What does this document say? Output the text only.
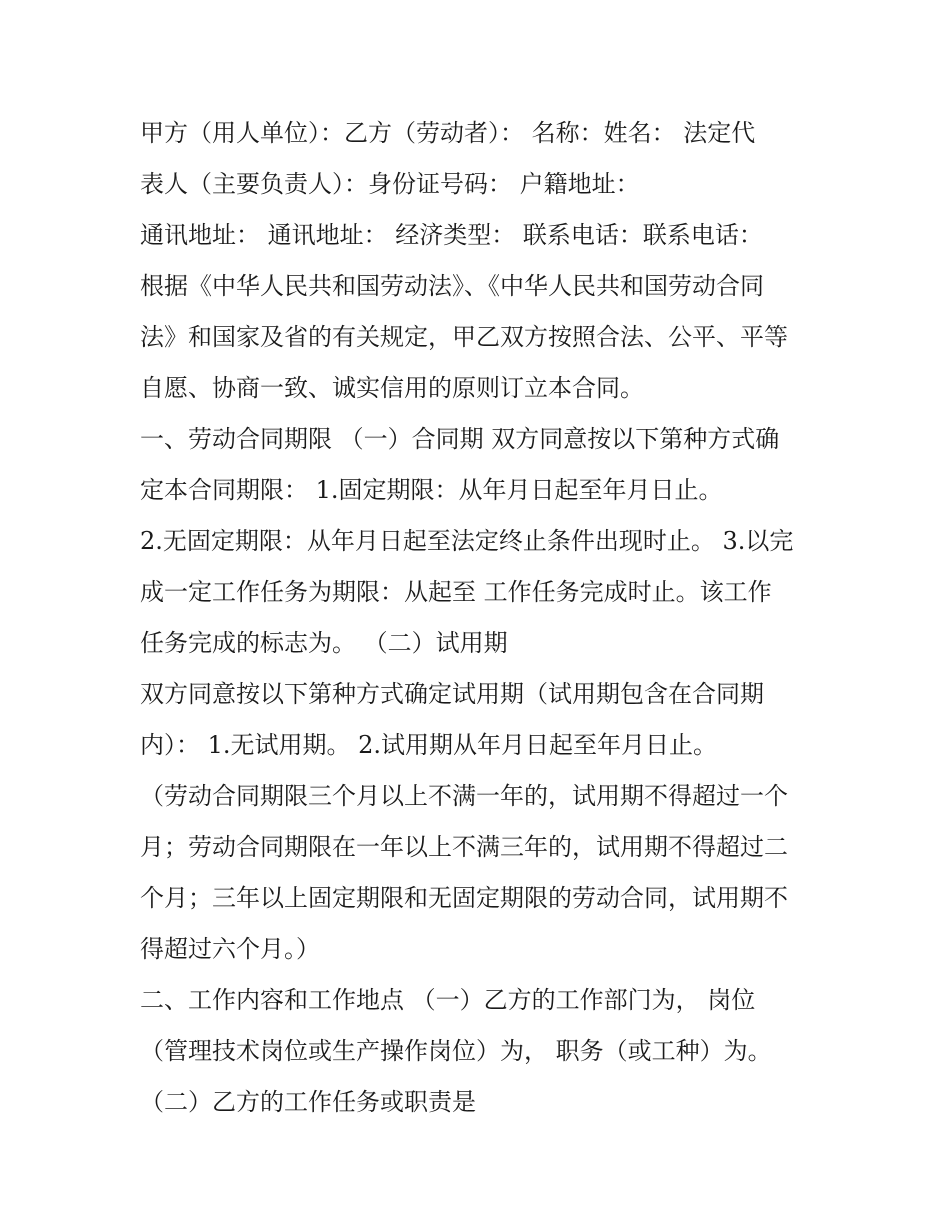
甲方（用人单位）：乙方（劳动者）： 名称：姓名： 法定代
表人（主要负责人）：身份证号码： 户籍地址：
通讯地址： 通讯地址： 经济类型： 联系电话：联系电话：
根据《中华人民共和国劳动法》、《中华人民共和国劳动合同
法》和国家及省的有关规定，甲乙双方按照合法、公平、平等
自愿、协商一致、诚实信用的原则订立本合同。
一、劳动合同期限 （一）合同期 双方同意按以下第种方式确
定本合同期限： 1.固定期限：从年月日起至年月日止。
2.无固定期限：从年月日起至法定终止条件出现时止。 3.以完
成一定工作任务为期限：从起至 工作任务完成时止。该工作
任务完成的标志为。 （二）试用期
双方同意按以下第种方式确定试用期（试用期包含在合同期
内）： 1.无试用期。 2.试用期从年月日起至年月日止。
（劳动合同期限三个月以上不满一年的，试用期不得超过一个
月；劳动合同期限在一年以上不满三年的，试用期不得超过二
个月；三年以上固定期限和无固定期限的劳动合同，试用期不
得超过六个月。）
二、工作内容和工作地点 （一）乙方的工作部门为， 岗位
（管理技术岗位或生产操作岗位）为， 职务（或工种）为。
（二）乙方的工作任务或职责是
